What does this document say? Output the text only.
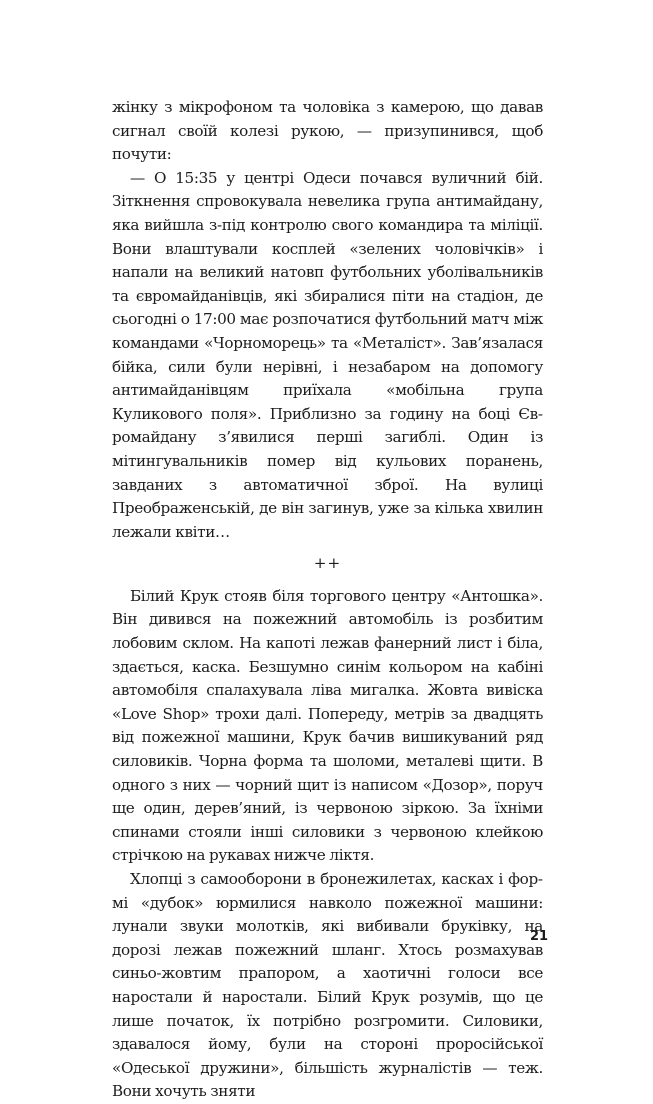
жінку з мікрофоном та чоловіка з камерою, що давав сигнал своїй колезі рукою, — призупинився, щоб почути:

— О 15:35 у центрі Одеси почався вуличний бій. Зіткнення спровокувала невелика група антимайдану, яка вийшла з-під контролю свого командира та міліції. Вони влаштували косплей «зелених чоловічків» і напали на великий натовп футбольних уболівальників та євромайданівців, які збиралися піти на стадіон, де сьогодні о 17:00 має розпочатися футбольний матч між командами «Чорноморець» та «Металіст». Зав’язалася бійка, сили були нерівні, і незабаром на допомогу антимайданівцям приїхала «мобільна група Куликового поля». Приблизно за годину на боці Євромайдану з’явилися перші загиблі. Один із мітингувальників помер від кульових поранень, завданих з автоматичної зброї. На вулиці Преображенській, де він загинув, уже за кілька хвилин лежали квіти…

++

Білий Крук стояв біля торгового центру «Антошка». Він дивився на пожежний автомобіль із розбитим лобовим склом. На капоті лежав фанерний лист і біла, здається, каска. Безшумно синім кольором на кабіні автомобіля спалахувала ліва мигалка. Жовта вивіска «Love Shop» трохи далі. Попереду, метрів за двадцять від пожежної машини, Крук бачив вишикуваний ряд силовиків. Чорна форма та шоломи, металеві щити. В одного з них — чорний щит із написом «Дозор», поруч ще один, дерев’яний, із червоною зіркою. За їхніми спинами стояли інші силовики з червоною клейкою стрічкою на рукавах нижче ліктя.

Хлопці з самооборони в бронежилетах, касках і формі «дубок» юрмилися навколо пожежної машини: лунали звуки молотків, які вибивали бруківку, на дорозі лежав пожежний шланг. Хтось розмахував синьо-жовтим прапором, а хаотичні голоси все наростали й наростали. Білий Крук розумів, що це лише початок, їх потрібно розгромити. Силовики, здавалося йому, були на стороні проросійської «Одеської дружини», більшість журналістів — теж. Вони хочуть зняти

21
